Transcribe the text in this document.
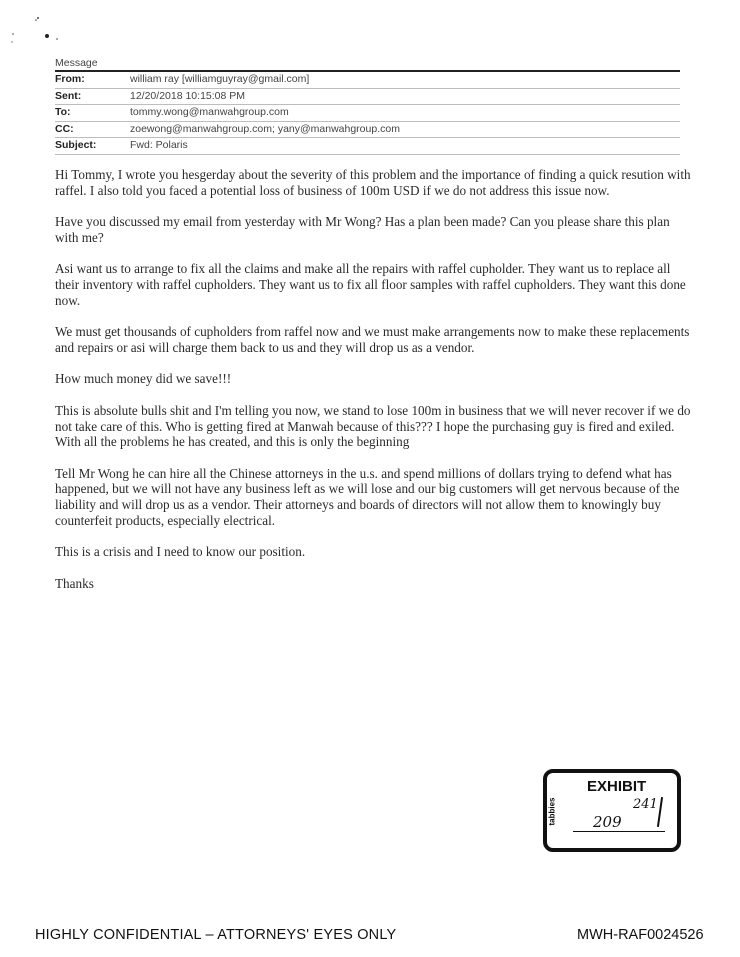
Message
From:	william ray [williamguyray@gmail.com]
Sent:	12/20/2018 10:15:08 PM
To:	tommy.wong@manwahgroup.com
CC:	zoewong@manwahgroup.com; yany@manwahgroup.com
Subject:	Fwd: Polaris

Hi Tommy, I wrote you hesgerday about the severity of this problem and the importance of finding a quick resution with raffel. I also told you faced a potential loss of business of 100m USD if we do not address this issue now.

Have you discussed my email from yesterday with Mr Wong? Has a plan been made? Can you please share this plan with me?

Asi want us to arrange to fix all the claims and make all the repairs with raffel cupholder. They want us to replace all their inventory with raffel cupholders. They want us to fix all floor samples with raffel cupholders. They want this done now.

We must get thousands of cupholders from raffel now and we must make arrangements now to make these replacements and repairs or asi will charge them back to us and they will drop us as a vendor.

How much money did we save!!!

This is absolute bulls shit and I'm telling you now, we stand to lose 100m in business that we will never recover if we do not take care of this. Who is getting fired at Manwah because of this??? I hope the purchasing guy is fired and exiled. With all the problems he has created, and this is only the beginning

Tell Mr Wong he can hire all the Chinese attorneys in the u.s. and spend millions of dollars trying to defend what has happened, but we will not have any business left as we will lose and our big customers will get nervous because of the liability and will drop us as a vendor. Their attorneys and boards of directors will not allow them to knowingly buy counterfeit products, especially electrical.

This is a crisis and I need to know our position.

Thanks

EXHIBIT
tabbies	241
209
HIGHLY CONFIDENTIAL – ATTORNEYS' EYES ONLY	MWH-RAF0024526
